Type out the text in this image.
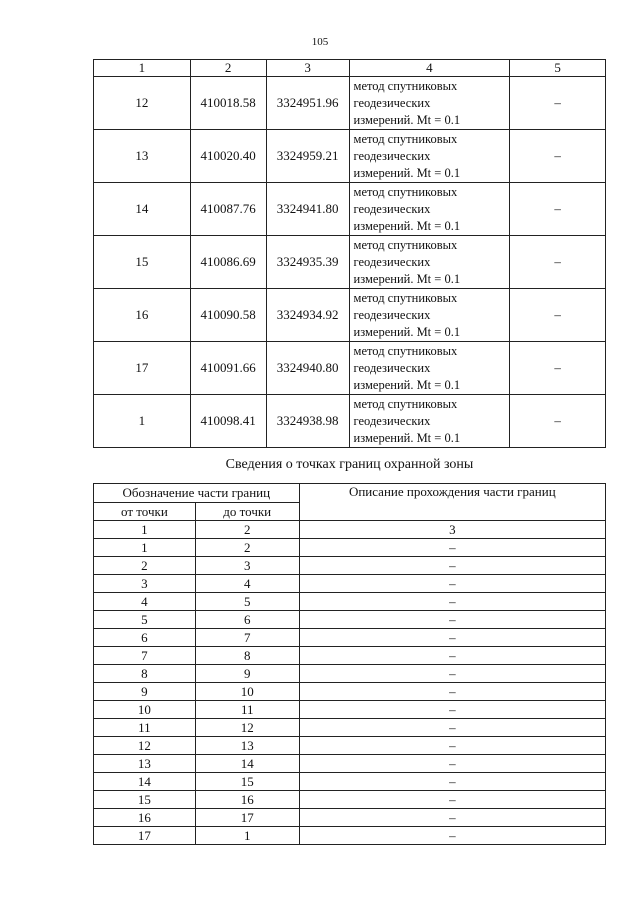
105
1	2	3	4	5
12	410018.58	3324951.96	метод спутниковых
геодезических
измерений. Mt = 0.1	–
13	410020.40	3324959.21	метод спутниковых
геодезических
измерений. Mt = 0.1	–
14	410087.76	3324941.80	метод спутниковых
геодезических
измерений. Mt = 0.1	–
15	410086.69	3324935.39	метод спутниковых
геодезических
измерений. Mt = 0.1	–
16	410090.58	3324934.92	метод спутниковых
геодезических
измерений. Mt = 0.1	–
17	410091.66	3324940.80	метод спутниковых
геодезических
измерений. Mt = 0.1	–
1	410098.41	3324938.98	метод спутниковых
геодезических
измерений. Mt = 0.1	–
Сведения о точках границ охранной зоны
Обозначение части границ		Описание прохождения части границ
от точки	до точки	
1	2	3
1	2	–
2	3	–
3	4	–
4	5	–
5	6	–
6	7	–
7	8	–
8	9	–
9	10	–
10	11	–
11	12	–
12	13	–
13	14	–
14	15	–
15	16	–
16	17	–
17	1	–
